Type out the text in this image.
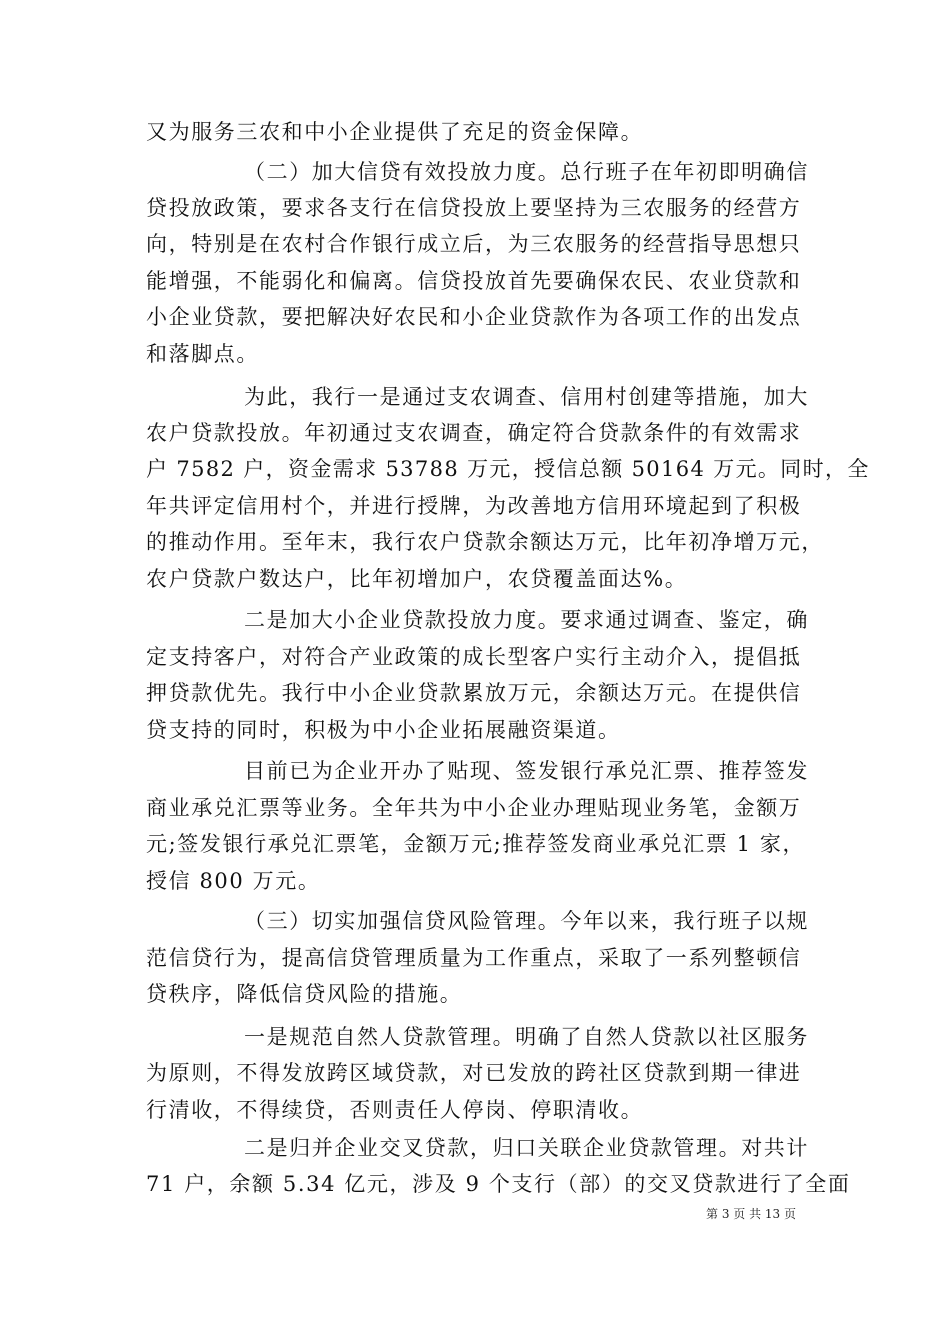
又为服务三农和中小企业提供了充足的资金保障。
（二）加大信贷有效投放力度。总行班子在年初即明确信
贷投放政策，要求各支行在信贷投放上要坚持为三农服务的经营方
向，特别是在农村合作银行成立后，为三农服务的经营指导思想只
能增强，不能弱化和偏离。信贷投放首先要确保农民、农业贷款和
小企业贷款，要把解决好农民和小企业贷款作为各项工作的出发点
和落脚点。
为此，我行一是通过支农调查、信用村创建等措施，加大
农户贷款投放。年初通过支农调查，确定符合贷款条件的有效需求
户 7582 户，资金需求 53788 万元，授信总额 50164 万元。同时，全
年共评定信用村个，并进行授牌，为改善地方信用环境起到了积极
的推动作用。至年末，我行农户贷款余额达万元，比年初净增万元，
农户贷款户数达户，比年初增加户，农贷覆盖面达%。
二是加大小企业贷款投放力度。要求通过调查、鉴定，确
定支持客户，对符合产业政策的成长型客户实行主动介入，提倡抵
押贷款优先。我行中小企业贷款累放万元，余额达万元。在提供信
贷支持的同时，积极为中小企业拓展融资渠道。
目前已为企业开办了贴现、签发银行承兑汇票、推荐签发
商业承兑汇票等业务。全年共为中小企业办理贴现业务笔，金额万
元;签发银行承兑汇票笔，金额万元;推荐签发商业承兑汇票 1 家，
授信 800 万元。
（三）切实加强信贷风险管理。今年以来，我行班子以规
范信贷行为，提高信贷管理质量为工作重点，采取了一系列整顿信
贷秩序，降低信贷风险的措施。
一是规范自然人贷款管理。明确了自然人贷款以社区服务
为原则，不得发放跨区域贷款，对已发放的跨社区贷款到期一律进
行清收，不得续贷，否则责任人停岗、停职清收。
二是归并企业交叉贷款，归口关联企业贷款管理。对共计
71 户，余额 5.34 亿元，涉及 9 个支行（部）的交叉贷款进行了全面
第 3 页 共 13 页
